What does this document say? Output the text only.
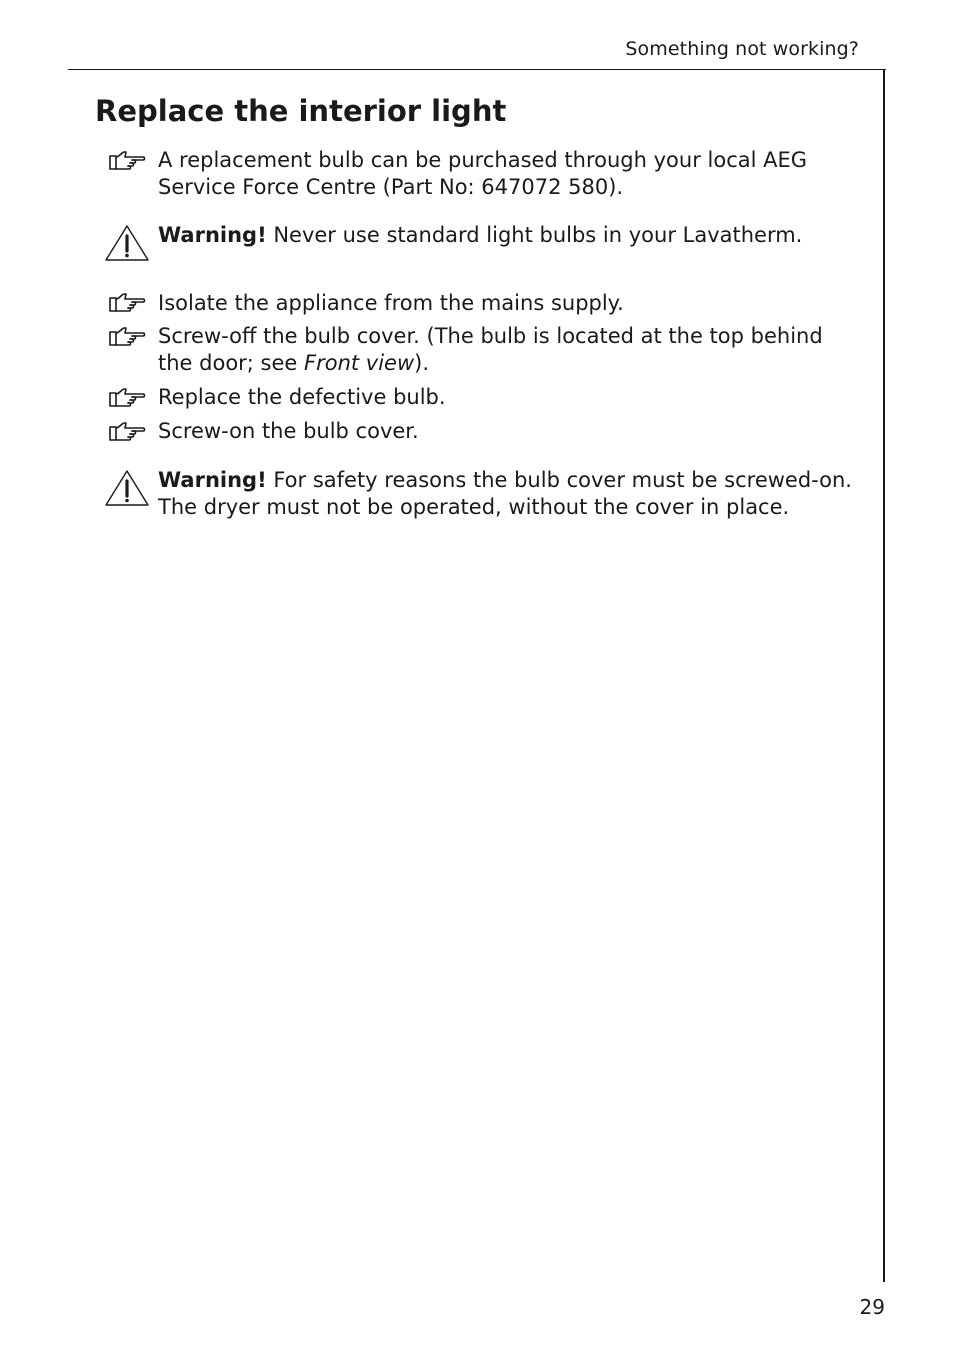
Something not working?
Replace the interior light
A replacement bulb can be purchased through your local AEG Service Force Centre (Part No: 647072 580).
Warning! Never use standard light bulbs in your Lavatherm.
Isolate the appliance from the mains supply.
Screw-off the bulb cover. (The bulb is located at the top behind the door; see Front view).
Replace the defective bulb.
Screw-on the bulb cover.
Warning! For safety reasons the bulb cover must be screwed-on. The dryer must not be operated, without the cover in place.
29
